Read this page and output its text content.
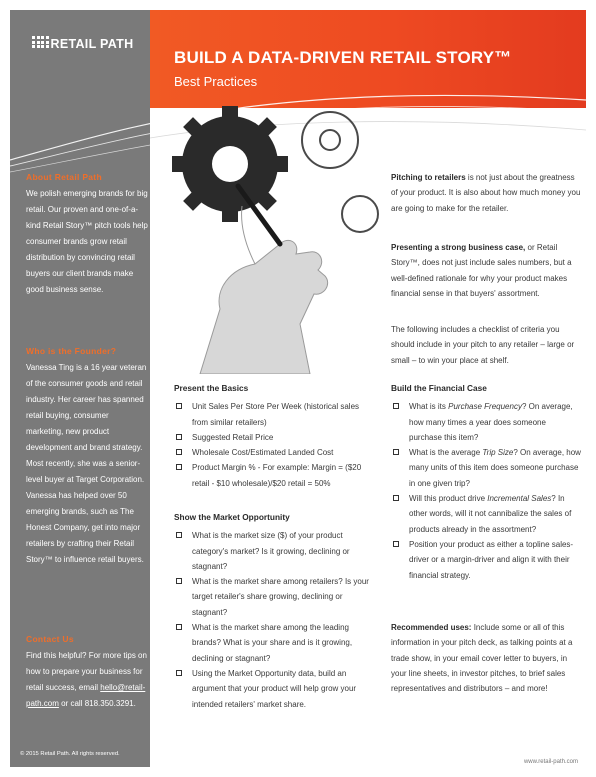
RETAIL PATH
About Retail Path
We polish emerging brands for big retail. Our proven and one-of-a-kind Retail Story™ pitch tools help consumer brands grow retail distribution by convincing retail buyers our client brands make good business sense.
Who is the Founder?
Vanessa Ting is a 16 year veteran of the consumer goods and retail industry. Her career has spanned retail buying, consumer marketing, new product development and brand strategy. Most recently, she was a senior-level buyer at Target Corporation. Vanessa has helped over 50 emerging brands, such as The Honest Company, get into major retailers by crafting their Retail Story™ to influence retail buyers.
Contact Us
Find this helpful? For more tips on how to prepare your business for retail success, email hello@retail-path.com or call 818.350.3291.
© 2015 Retail Path. All rights reserved.
BUILD A DATA-DRIVEN RETAIL STORY™
Best Practices
Pitching to retailers is not just about the greatness of your product. It is also about how much money you are going to make for the retailer.
Presenting a strong business case, or Retail Story™, does not just include sales numbers, but a well-defined rationale for why your product makes financial sense in that buyers' assortment.
The following includes a checklist of criteria you should include in your pitch to any retailer – large or small – to win your place at shelf.
Present the Basics
Unit Sales Per Store Per Week (historical sales from similar retailers)
Suggested Retail Price
Wholesale Cost/Estimated Landed Cost
Product Margin % - For example: Margin = ($20 retail - $10 wholesale)/$20 retail = 50%
Show the Market Opportunity
What is the market size ($) of your product category's market? Is it growing, declining or stagnant?
What is the market share among retailers? Is your target retailer's share growing, declining or stagnant?
What is the market share among the leading brands? What is your share and is it growing, declining or stagnant?
Using the Market Opportunity data, build an argument that your product will help grow your intended retailers' market share.
Build the Financial Case
What is its Purchase Frequency? On average, how many times a year does someone purchase this item?
What is the average Trip Size? On average, how many units of this item does someone purchase in one given trip?
Will this product drive Incremental Sales? In other words, will it not cannibalize the sales of products already in the assortment?
Position your product as either a topline sales-driver or a margin-driver and align it with their financial strategy.
Recommended uses: Include some or all of this information in your pitch deck, as talking points at a trade show, in your email cover letter to buyers, in your line sheets, in investor pitches, to brief sales representatives and distributors – and more!
www.retail-path.com
